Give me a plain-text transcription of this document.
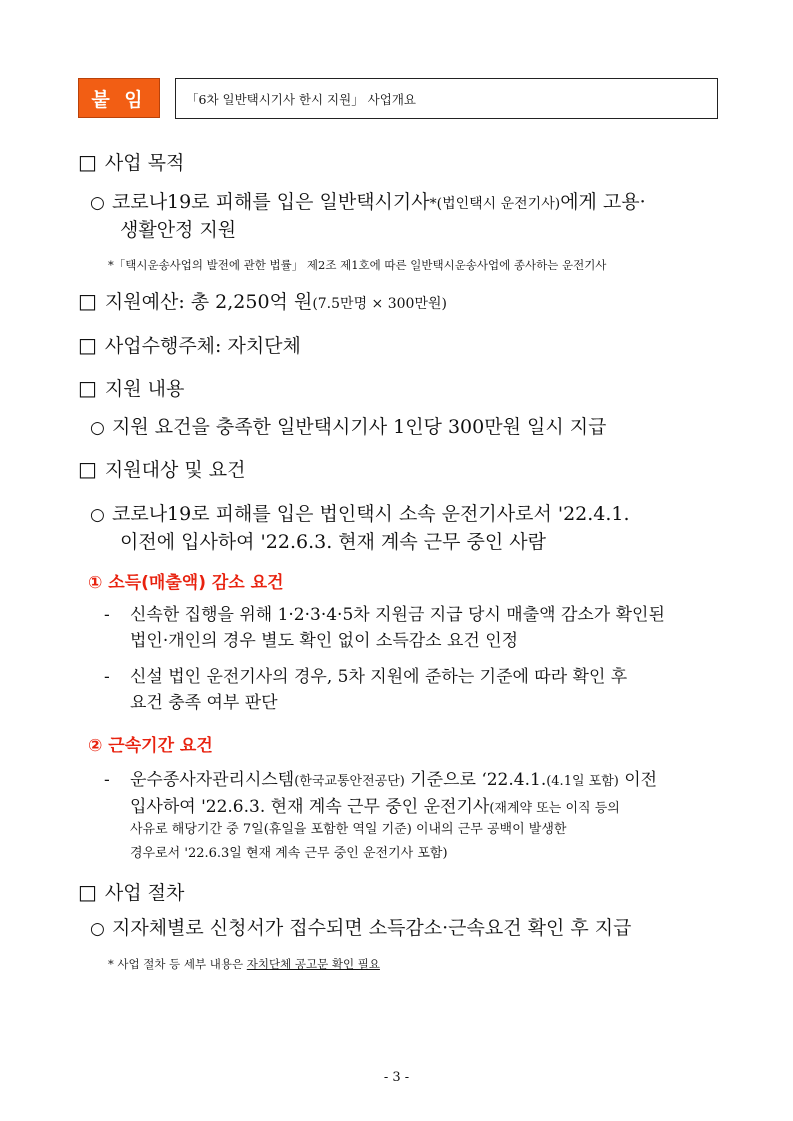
붙 임	「6차 일반택시기사 한시 지원」 사업개요
□ 사업 목적
○ 코로나19로 피해를 입은 일반택시기사*(법인택시 운전기사)에게 고용·
생활안정 지원
*「택시운송사업의 발전에 관한 법률」 제2조 제1호에 따른 일반택시운송사업에 종사하는 운전기사
□ 지원예산: 총 2,250억 원(7.5만명 × 300만원)
□ 사업수행주체: 자치단체
□ 지원 내용
○ 지원 요건을 충족한 일반택시기사 1인당 300만원 일시 지급
□ 지원대상 및 요건
○ 코로나19로 피해를 입은 법인택시 소속 운전기사로서 '22.4.1.
이전에 입사하여 '22.6.3. 현재 계속 근무 중인 사람
① 소득(매출액) 감소 요건
- 신속한 집행을 위해 1·2·3·4·5차 지원금 지급 당시 매출액 감소가 확인된
법인·개인의 경우 별도 확인 없이 소득감소 요건 인정
- 신설 법인 운전기사의 경우, 5차 지원에 준하는 기준에 따라 확인 후
요건 충족 여부 판단
② 근속기간 요건
- 운수종사자관리시스템(한국교통안전공단) 기준으로 ‘22.4.1.(4.1일 포함) 이전
입사하여 '22.6.3. 현재 계속 근무 중인 운전기사(재계약 또는 이직 등의
사유로 해당기간 중 7일(휴일을 포함한 역일 기준) 이내의 근무 공백이 발생한
경우로서 '22.6.3일 현재 계속 근무 중인 운전기사 포함)
□ 사업 절차
○ 지자체별로 신청서가 접수되면 소득감소·근속요건 확인 후 지급
* 사업 절차 등 세부 내용은 자치단체 공고문 확인 필요
- 3 -
